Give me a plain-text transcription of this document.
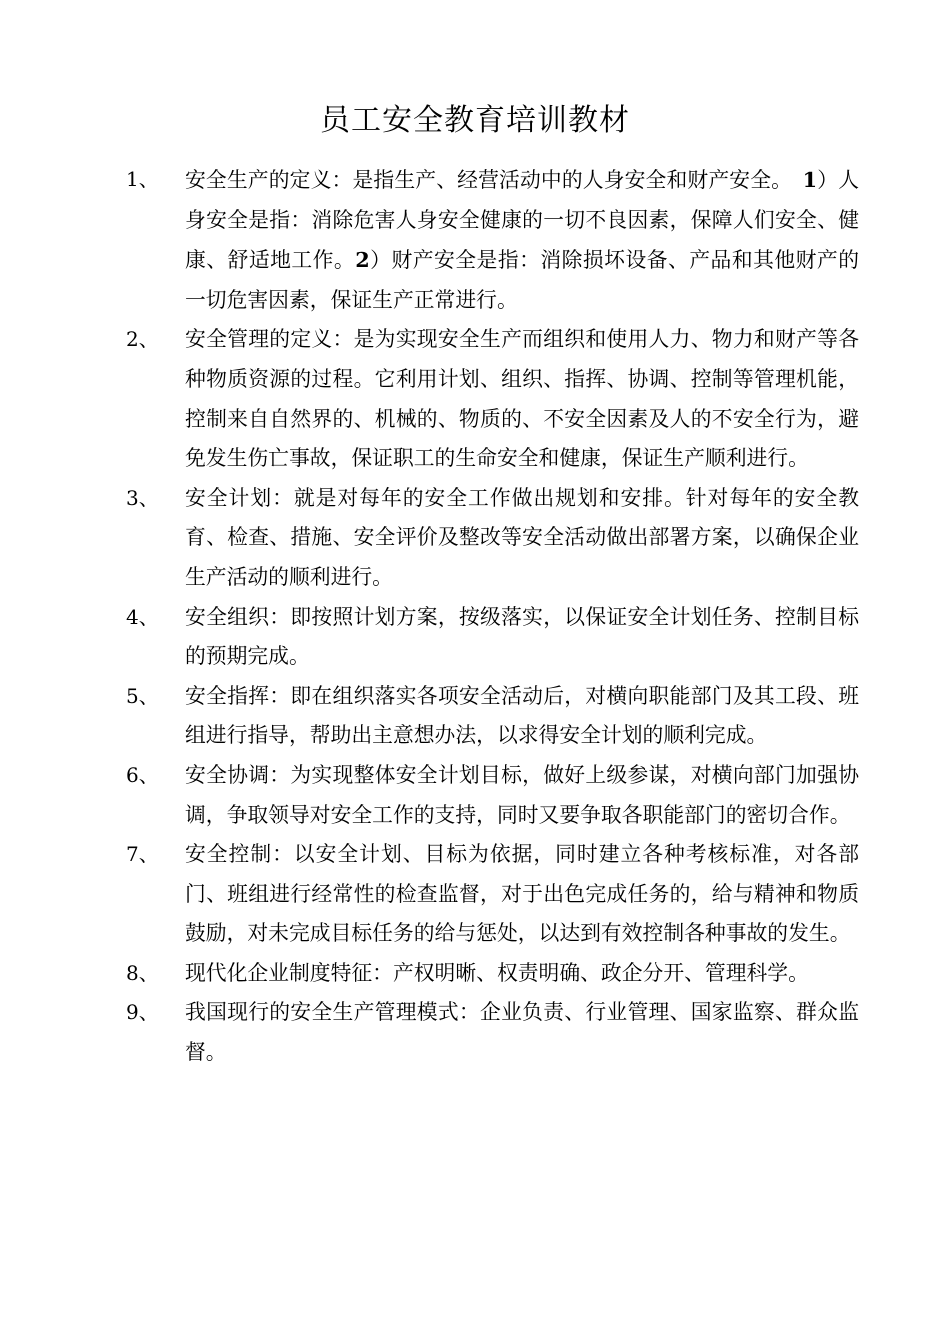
员工安全教育培训教材
1、 安全生产的定义：是指生产、经营活动中的人身安全和财产安全。　1）人身安全是指：消除危害人身安全健康的一切不良因素，保障人们安全、健康、舒适地工作。2）财产安全是指：消除损坏设备、产品和其他财产的一切危害因素，保证生产正常进行。

2、 安全管理的定义：是为实现安全生产而组织和使用人力、物力和财产等各种物质资源的过程。它利用计划、组织、指挥、协调、控制等管理机能，控制来自自然界的、机械的、物质的、不安全因素及人的不安全行为，避免发生伤亡事故，保证职工的生命安全和健康，保证生产顺利进行。

3、 安全计划：就是对每年的安全工作做出规划和安排。针对每年的安全教育、检查、措施、安全评价及整改等安全活动做出部署方案，以确保企业生产活动的顺利进行。

4、 安全组织：即按照计划方案，按级落实，以保证安全计划任务、控制目标的预期完成。

5、 安全指挥：即在组织落实各项安全活动后，对横向职能部门及其工段、班组进行指导，帮助出主意想办法，以求得安全计划的顺利完成。

6、 安全协调：为实现整体安全计划目标，做好上级参谋，对横向部门加强协调，争取领导对安全工作的支持，同时又要争取各职能部门的密切合作。

7、 安全控制：以安全计划、目标为依据，同时建立各种考核标准，对各部门、班组进行经常性的检查监督，对于出色完成任务的，给与精神和物质鼓励，对未完成目标任务的给与惩处，以达到有效控制各种事故的发生。

8、 现代化企业制度特征：产权明晰、权责明确、政企分开、管理科学。

9、 我国现行的安全生产管理模式：企业负责、行业管理、国家监察、群众监督。
